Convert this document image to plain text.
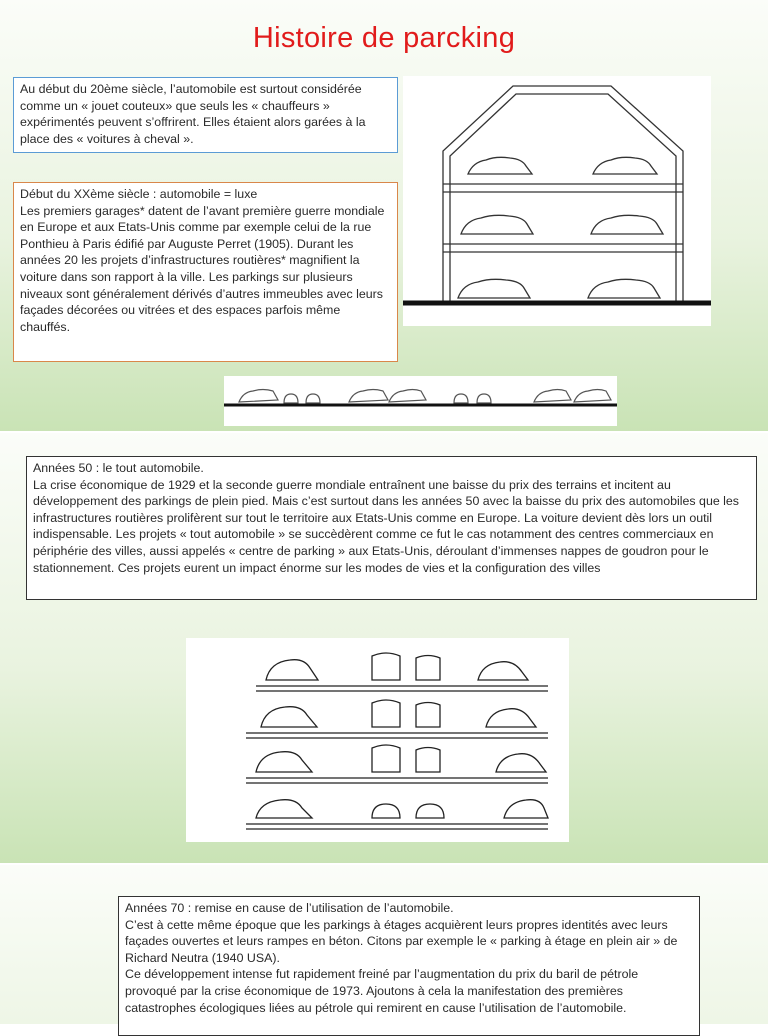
Histoire de parcking

Au début du 20ème siècle, l’automobile est surtout considérée comme un « jouet couteux» que seuls les « chauffeurs » expérimentés peuvent s’offrirent. Elles étaient alors garées à la place des « voitures à cheval ».

Début du XXème siècle : automobile = luxe

Les premiers garages* datent de l’avant première guerre mondiale en Europe et aux Etats-Unis comme par exemple celui de la rue Ponthieu à Paris édifié par Auguste Perret (1905). Durant les années 20 les projets d’infrastructures routières* magnifient la voiture dans son rapport à la ville. Les parkings sur plusieurs niveaux sont généralement dérivés d’autres immeubles avec leurs façades décorées ou vitrées et des espaces parfois même chauffés.

Années 50 : le tout automobile.

La crise économique de 1929 et la seconde guerre mondiale entraînent une baisse du prix des terrains et incitent au développement des parkings de plein pied. Mais c’est surtout dans les années 50 avec la baisse du prix des automobiles que les infrastructures routières prolifèrent sur tout le territoire aux Etats-Unis comme en Europe. La voiture devient dès lors un outil indispensable. Les projets « tout automobile » se succèdèrent comme ce fut le cas notamment des centres commerciaux en périphérie des villes, aussi appelés « centre de parking » aux Etats-Unis, déroulant d’immenses nappes de goudron pour le stationnement. Ces projets eurent un impact énorme sur les modes de vies et la configuration des villes

Années 70 : remise en cause de l’utilisation de l’automobile.

C’est à cette même époque que les parkings à étages acquièrent leurs propres identités avec leurs façades ouvertes et leurs rampes en béton. Citons par exemple le « parking à étage en plein air » de Richard Neutra (1940 USA).

Ce développement intense fut rapidement freiné par l’augmentation du prix du baril de pétrole provoqué par la crise économique de 1973. Ajoutons à cela la manifestation des premières catastrophes écologiques liées au pétrole qui remirent en cause l’utilisation de l’automobile.
